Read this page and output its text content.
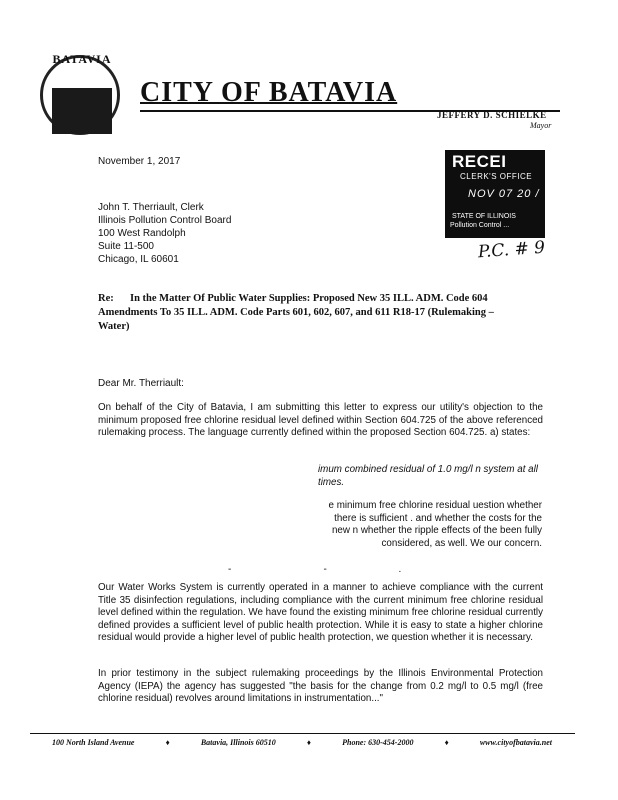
BATAVIA
CITY OF BATAVIA
JEFFERY D. SCHIELKE
Mayor
November 1, 2017
John T. Therriault, Clerk
Illinois Pollution Control Board
100 West Randolph
Suite 11-500
Chicago, IL 60601
RECEI
CLERK'S OFFICE
NOV 07 20 /
STATE OF ILLINOIS
Pollution Control ...
P.C. # 9
Re: In the Matter Of Public Water Supplies: Proposed New 35 ILL. ADM. Code 604 Amendments To 35 ILL. ADM. Code Parts 601, 602, 607, and 611 R18-17 (Rulemaking – Water)
Dear Mr. Therriault:
On behalf of the City of Batavia, I am submitting this letter to express our utility's objection to the minimum proposed free chlorine residual level defined within Section 604.725 of the above referenced rulemaking process. The language currently defined within the proposed Section 604.725. a) states:
imum combined residual of 1.0 mg/l n system at all times.
e minimum free chlorine residual uestion whether there is sufficient . and whether the costs for the new n whether the ripple effects of the been fully considered, as well. We our concern.
-             -          .
Our Water Works System is currently operated in a manner to achieve compliance with the current Title 35 disinfection regulations, including compliance with the current minimum free chlorine residual level defined within the regulation. We have found the existing minimum free chlorine residual currently defined provides a sufficient level of public health protection. While it is easy to state a higher chlorine residual would provide a higher level of public health protection, we question whether it is necessary.
In prior testimony in the subject rulemaking proceedings by the Illinois Environmental Protection Agency (IEPA) the agency has suggested "the basis for the change from 0.2 mg/l to 0.5 mg/l (free chlorine residual) revolves around limitations in instrumentation..."
100 North Island Avenue	♦	Batavia, Illinois 60510	♦	Phone: 630-454-2000	♦	www.cityofbatavia.net
